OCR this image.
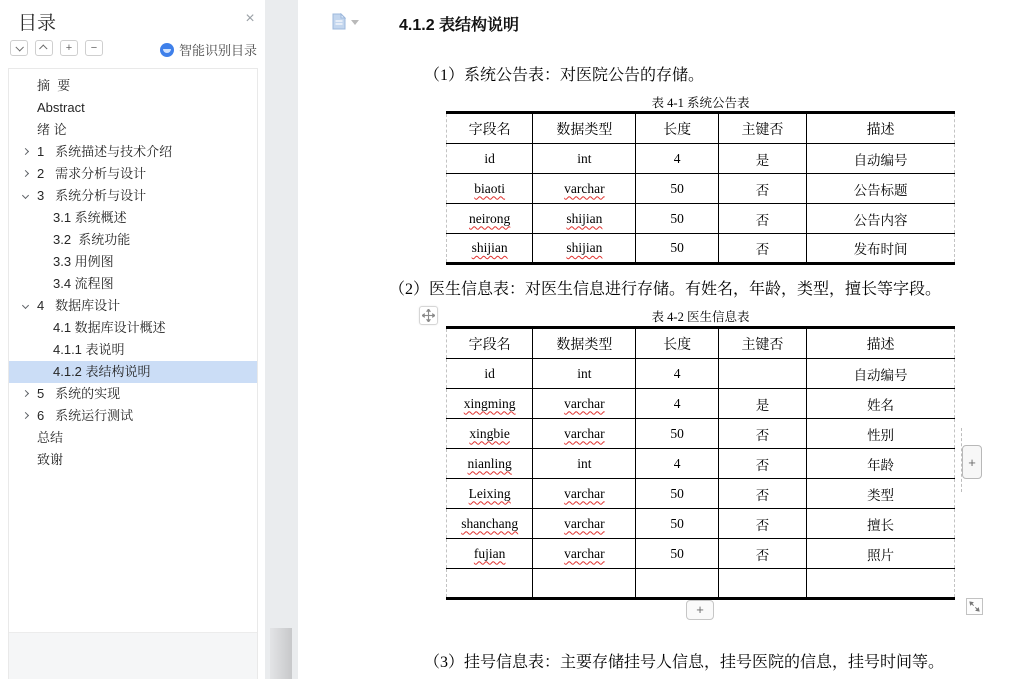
目录	×
+	−	智能识别目录
摘  要
Abstract
绪 论
1   系统描述与技术介绍
2   需求分析与设计
3   系统分析与设计
3.1 系统概述
3.2  系统功能
3.3 用例图
3.4 流程图
4   数据库设计
4.1 数据库设计概述
4.1.1 表说明
4.1.2 表结构说明
5   系统的实现
6   系统运行测试
总结
致谢
4.1.2 表结构说明

（1）系统公告表：对医院公告的存储。

表 4-1 系统公告表
字段名	数据类型	长度	主键否	描述
id	int	4	是	自动编号
biaoti	varchar	50	否	公告标题
neirong	shijian	50	否	公告内容
shijian	shijian	50	否	发布时间

（2）医生信息表：对医生信息进行存储。有姓名，年龄，类型，擅长等字段。

表 4-2 医生信息表
字段名	数据类型	长度	主键否	描述
id	int	4		自动编号
xingming	varchar	4	是	姓名
xingbie	varchar	50	否	性别
nianling	int	4	否	年龄
Leixing	varchar	50	否	类型
shanchang	varchar	50	否	擅长
fujian	varchar	50	否	照片

+
+

（3）挂号信息表：主要存储挂号人信息，挂号医院的信息，挂号时间等。
